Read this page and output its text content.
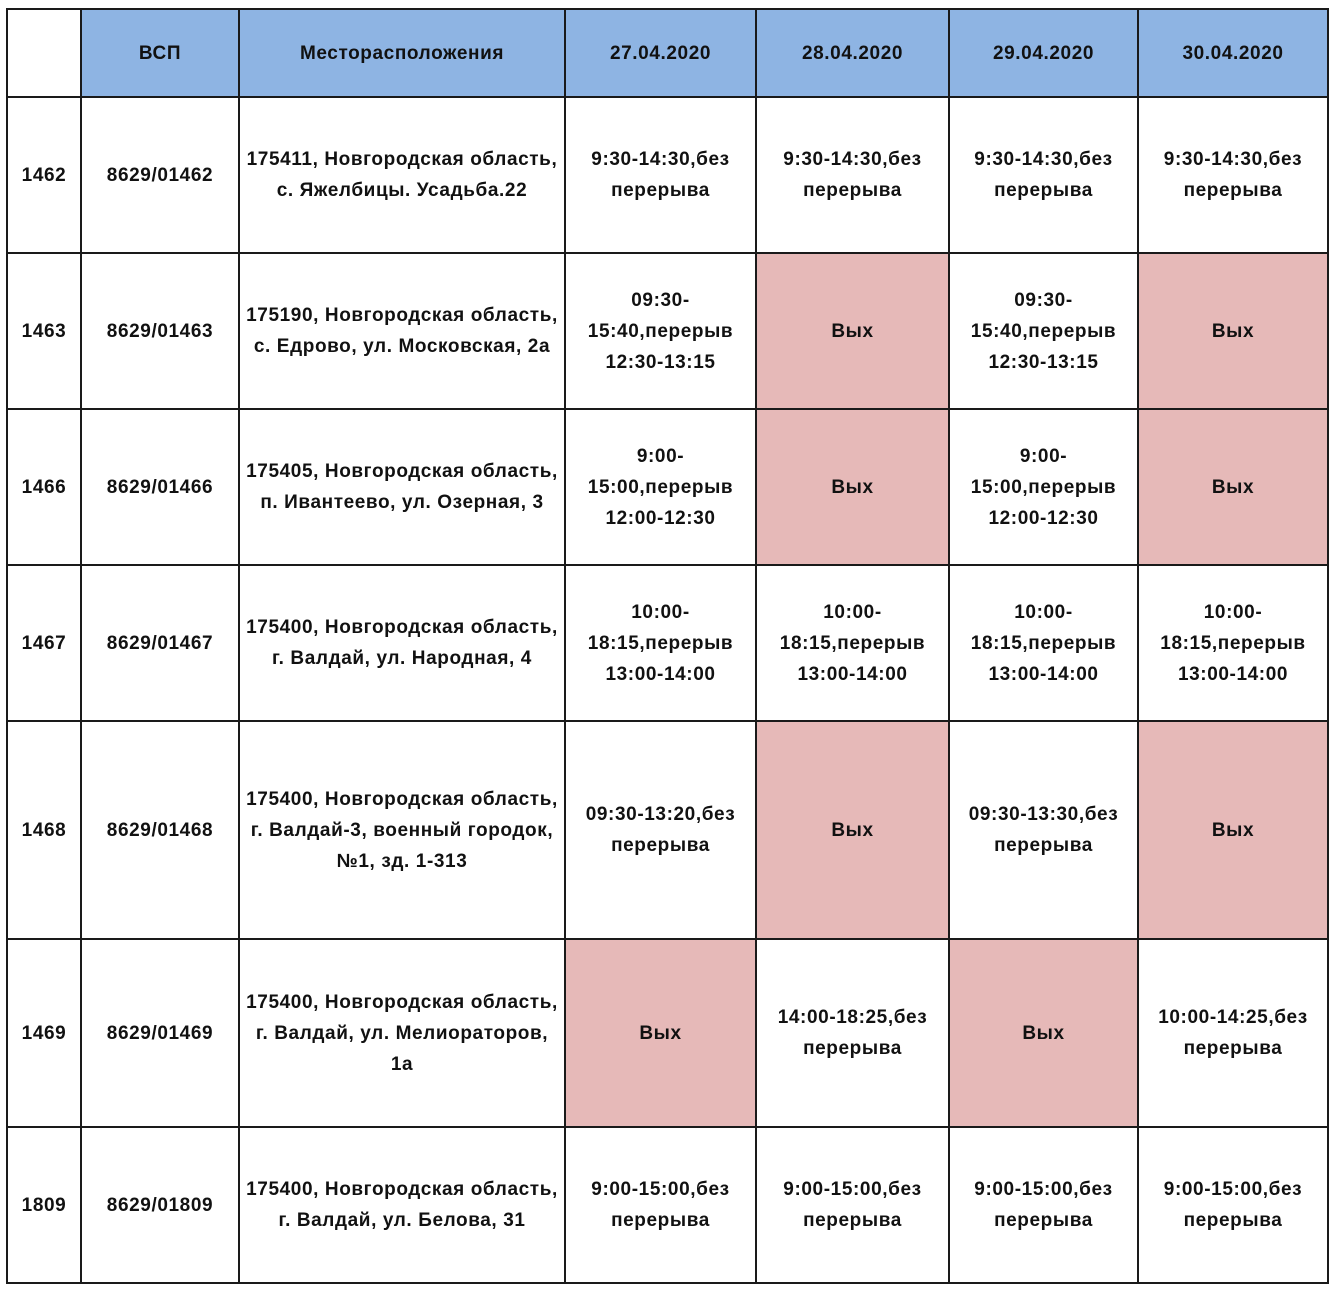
	ВСП	Месторасположения	27.04.2020	28.04.2020	29.04.2020	30.04.2020
1462	8629/01462	175411, Новгородская область, с. Яжелбицы. Усадьба.22	9:30-14:30,без перерыва	9:30-14:30,без перерыва	9:30-14:30,без перерыва	9:30-14:30,без перерыва
1463	8629/01463	175190, Новгородская область, с. Едрово, ул. Московская, 2а	09:30-15:40,перерыв 12:30-13:15	Вых	09:30-15:40,перерыв 12:30-13:15	Вых
1466	8629/01466	175405, Новгородская область, п. Ивантеево, ул. Озерная, 3	9:00-15:00,перерыв 12:00-12:30	Вых	9:00-15:00,перерыв 12:00-12:30	Вых
1467	8629/01467	175400, Новгородская область, г. Валдай, ул. Народная, 4	10:00-18:15,перерыв 13:00-14:00	10:00-18:15,перерыв 13:00-14:00	10:00-18:15,перерыв 13:00-14:00	10:00-18:15,перерыв 13:00-14:00
1468	8629/01468	175400, Новгородская область, г. Валдай-3, военный городок, №1, зд. 1-313	09:30-13:20,без перерыва	Вых	09:30-13:30,без перерыва	Вых
1469	8629/01469	175400, Новгородская область, г. Валдай, ул. Мелиораторов, 1а	Вых	14:00-18:25,без перерыва	Вых	10:00-14:25,без перерыва
1809	8629/01809	175400, Новгородская область, г. Валдай, ул. Белова, 31	9:00-15:00,без перерыва	9:00-15:00,без перерыва	9:00-15:00,без перерыва	9:00-15:00,без перерыва
